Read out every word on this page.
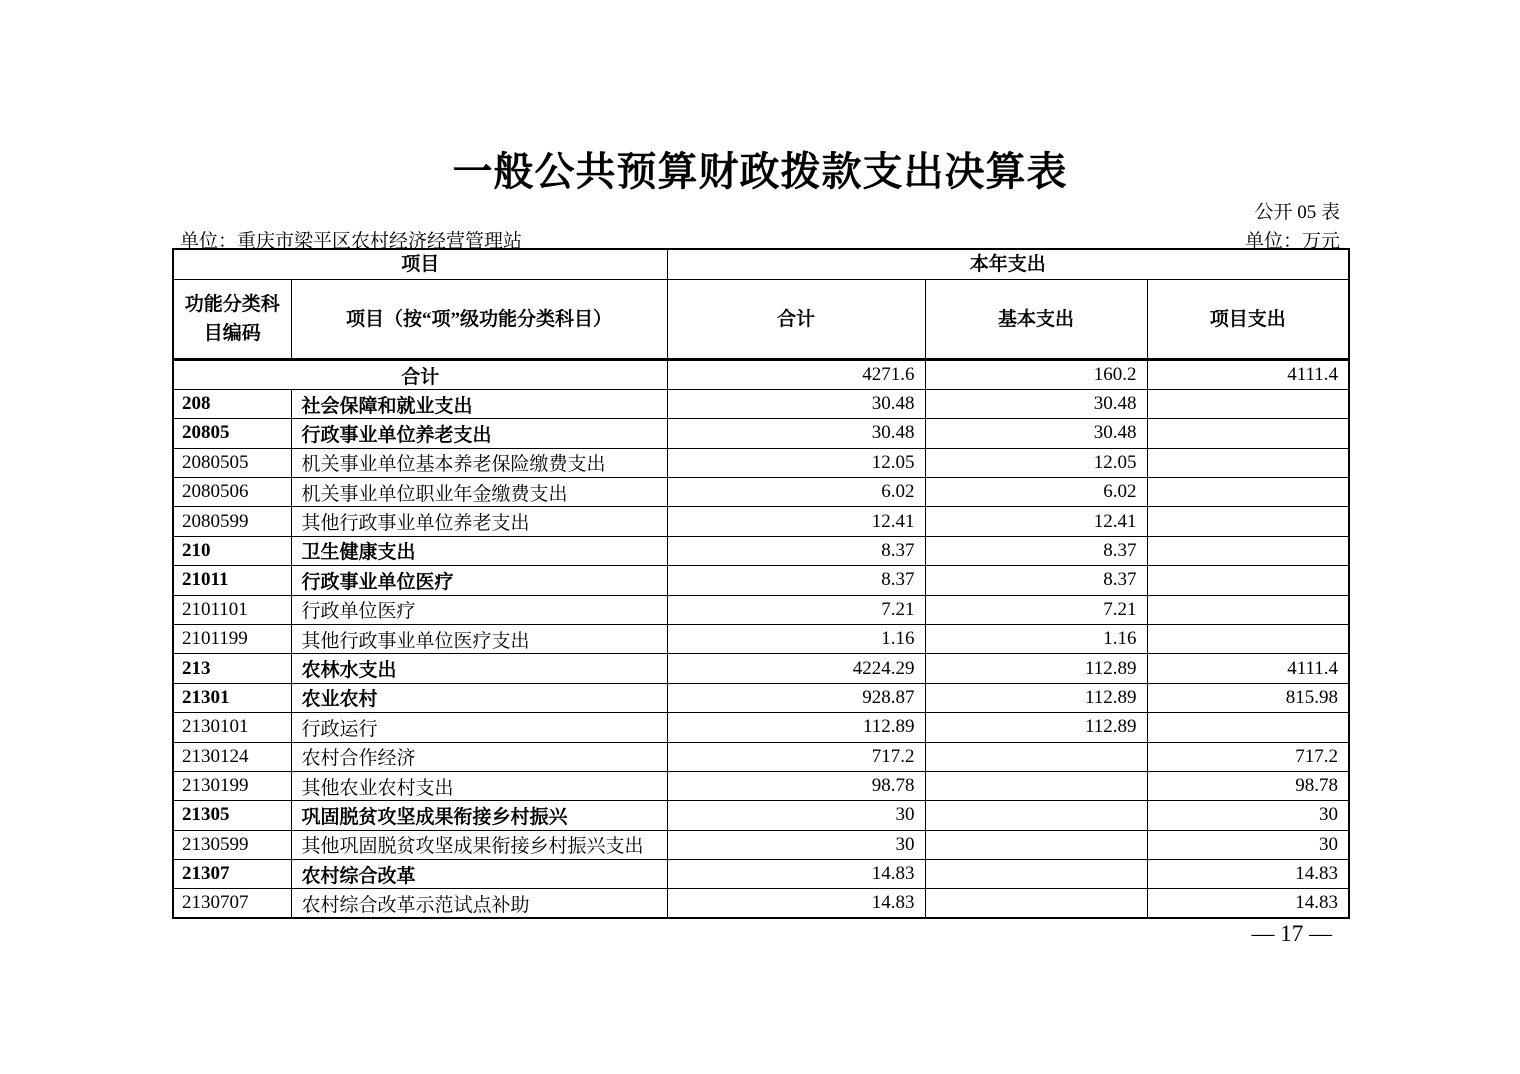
一般公共预算财政拨款支出决算表
公开 05 表
单位：重庆市梁平区农村经济经营管理站	单位：万元
项目		本年支出		
功能分类科目编码	项目（按“项”级功能分类科目）	合计	基本支出	项目支出
合计		4271.6	160.2	4111.4
208	社会保障和就业支出	30.48	30.48	
20805	行政事业单位养老支出	30.48	30.48	
2080505	机关事业单位基本养老保险缴费支出	12.05	12.05	
2080506	机关事业单位职业年金缴费支出	6.02	6.02	
2080599	其他行政事业单位养老支出	12.41	12.41	
210	卫生健康支出	8.37	8.37	
21011	行政事业单位医疗	8.37	8.37	
2101101	行政单位医疗	7.21	7.21	
2101199	其他行政事业单位医疗支出	1.16	1.16	
213	农林水支出	4224.29	112.89	4111.4
21301	农业农村	928.87	112.89	815.98
2130101	行政运行	112.89	112.89	
2130124	农村合作经济	717.2		717.2
2130199	其他农业农村支出	98.78		98.78
21305	巩固脱贫攻坚成果衔接乡村振兴	30		30
2130599	其他巩固脱贫攻坚成果衔接乡村振兴支出	30		30
21307	农村综合改革	14.83		14.83
2130707	农村综合改革示范试点补助	14.83		14.83
— 17 —
